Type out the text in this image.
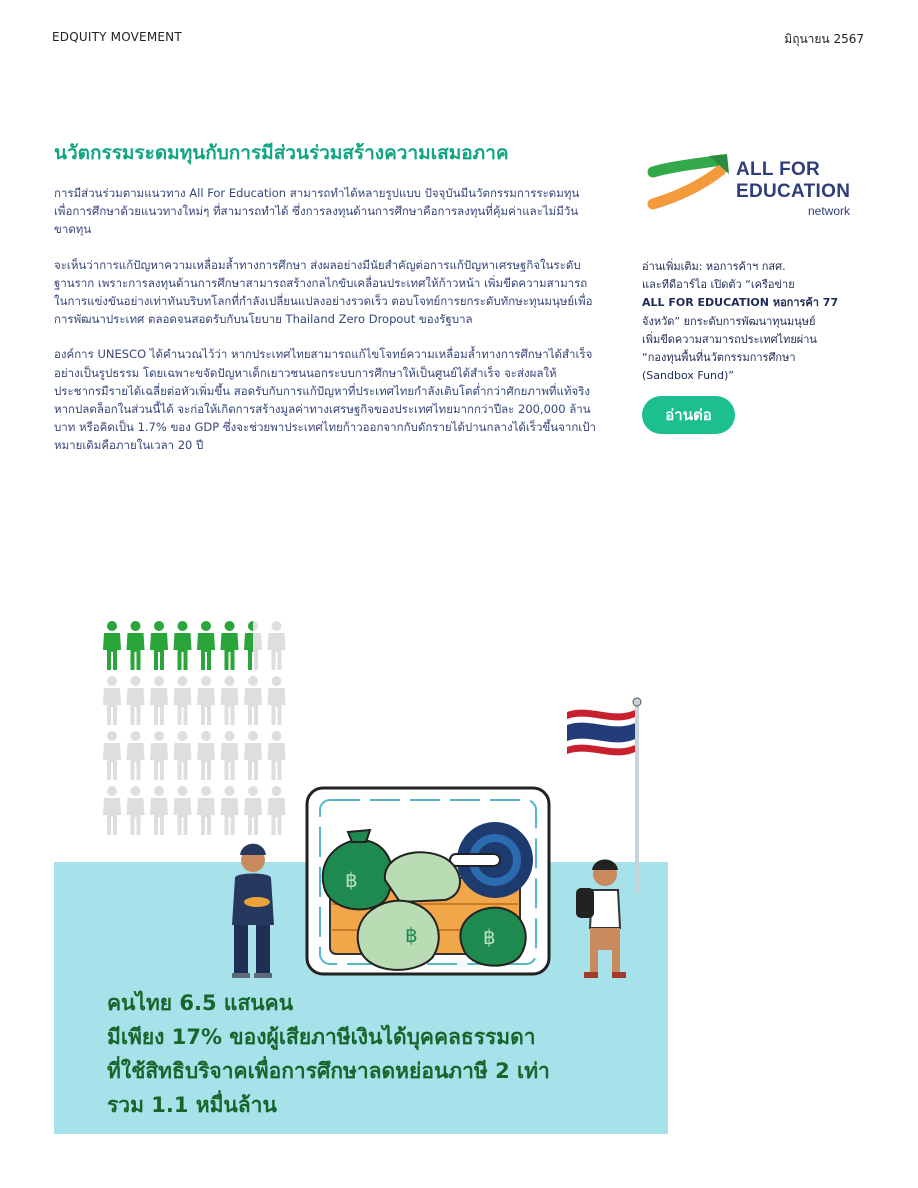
EDQUITY MOVEMENT	มิถุนายน 2567
นวัตกรรมระดมทุนกับการมีส่วนร่วมสร้างความเสมอภาค

การมีส่วนร่วมตามแนวทาง All For Education สามารถทำได้หลายรูปแบบ ปัจจุบันมีนวัตกรรมการระดมทุนเพื่อการศึกษาด้วยแนวทางใหม่ๆ ที่สามารถทำได้ ซึ่งการลงทุนด้านการศึกษาคือการลงทุนที่คุ้มค่าและไม่มีวันขาดทุน

จะเห็นว่าการแก้ปัญหาความเหลื่อมล้ำทางการศึกษา ส่งผลอย่างมีนัยสำคัญต่อการแก้ปัญหาเศรษฐกิจในระดับฐานราก เพราะการลงทุนด้านการศึกษาสามารถสร้างกลไกขับเคลื่อนประเทศให้ก้าวหน้า เพิ่มขีดความสามารถในการแข่งขันอย่างเท่าทันบริบทโลกที่กำลังเปลี่ยนแปลงอย่างรวดเร็ว ตอบโจทย์การยกระดับทักษะทุนมนุษย์เพื่อการพัฒนาประเทศ ตลอดจนสอดรับกับนโยบาย Thailand Zero Dropout ของรัฐบาล

องค์การ UNESCO ได้คำนวณไว้ว่า หากประเทศไทยสามารถแก้ไขโจทย์ความเหลื่อมล้ำทางการศึกษาได้สำเร็จอย่างเป็นรูปธรรม โดยเฉพาะขจัดปัญหาเด็กเยาวชนนอกระบบการศึกษาให้เป็นศูนย์ได้สำเร็จ จะส่งผลให้ประชากรมีรายได้เฉลี่ยต่อหัวเพิ่มขึ้น สอดรับกับการแก้ปัญหาที่ประเทศไทยกำลังเติบโตต่ำกว่าศักยภาพที่แท้จริง หากปลดล็อกในส่วนนี้ได้ จะก่อให้เกิดการสร้างมูลค่าทางเศรษฐกิจของประเทศไทยมากกว่าปีละ 200,000 ล้านบาท หรือคิดเป็น 1.7% ของ GDP ซึ่งจะช่วยพาประเทศไทยก้าวออกจากกับดักรายได้ปานกลางได้เร็วขึ้นจากเป้าหมายเดิมคือภายในเวลา 20 ปี

ALL FOR
EDUCATION
network
อ่านเพิ่มเติม: หอการค้าฯ กสศ.
และทีดีอาร์ไอ เปิดตัว “เครือข่าย
ALL FOR EDUCATION หอการค้า 77
จังหวัด” ยกระดับการพัฒนาทุนมนุษย์
เพิ่มขีดความสามารถประเทศไทยผ่าน
“กองทุนพื้นที่นวัตกรรมการศึกษา
(Sandbox Fund)”
อ่านต่อ
฿
฿	฿
คนไทย 6.5 แสนคน
มีเพียง 17% ของผู้เสียภาษีเงินได้บุคคลธรรมดา
ที่ใช้สิทธิบริจาคเพื่อการศึกษาลดหย่อนภาษี 2 เท่า
รวม 1.1 หมื่นล้าน
